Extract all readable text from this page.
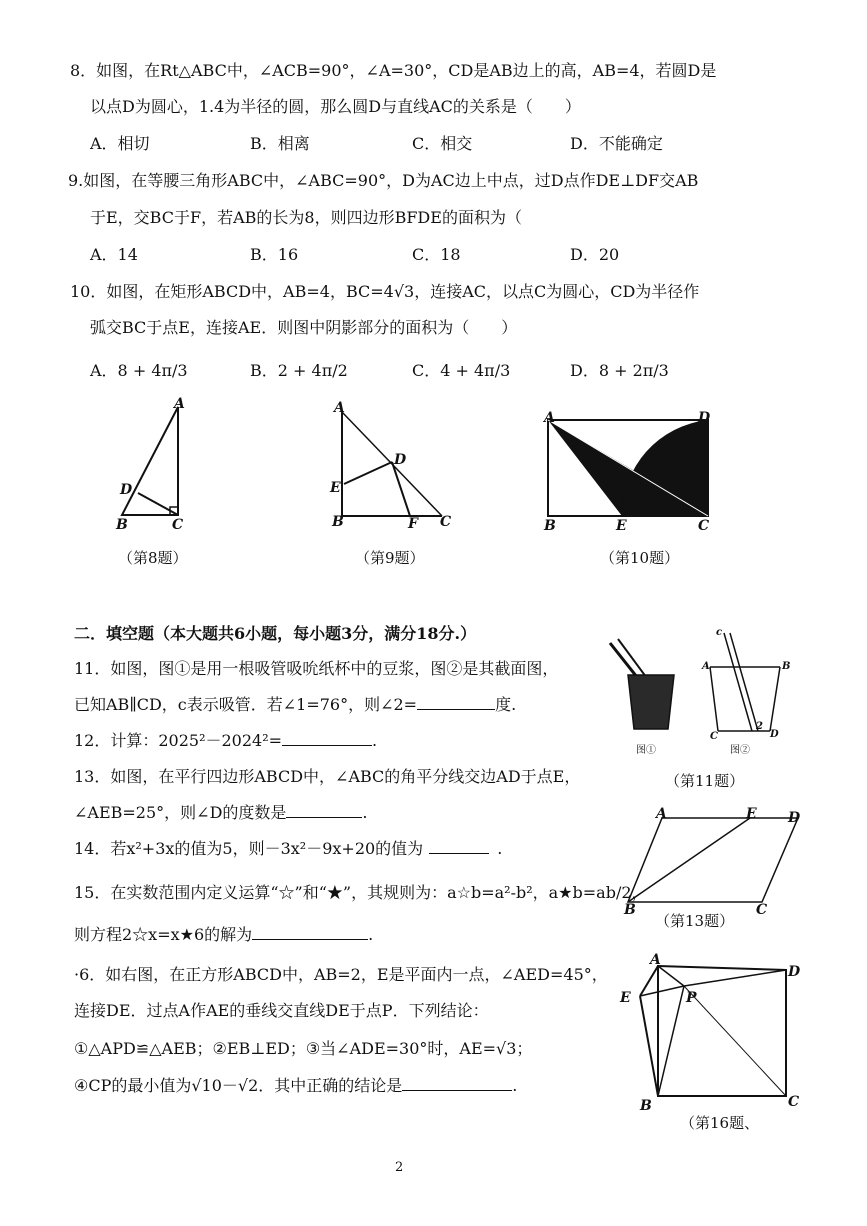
8．如图，在Rt△ABC中，∠ACB=90°，∠A=30°，CD是AB边上的高，AB=4，若圆D是
以点D为圆心，1.4为半径的圆，那么圆D与直线AC的关系是（　　）
A．相切	B．相离	C．相交	D．不能确定
9.如图，在等腰三角形ABC中，∠ABC=90°，D为AC边上中点，过D点作DE⊥DF交AB
于E，交BC于F，若AB的长为8，则四边形BFDE的面积为（
A．14	B．16	C．18	D．20
10．如图，在矩形ABCD中，AB=4，BC=4√3，连接AC，以点C为圆心，CD为半径作
弧交BC于点E，连接AE．则图中阴影部分的面积为（　　）
A．8 + 4π/3	B．2 + 4π/2	C．4 + 4π/3	D．8 + 2π/3
A
D
B	C
（第8题）
A
D
E
B	F C
（第9题）
A	D
B	E	C
（第10题）
二．填空题（本大题共6小题，每小题3分，满分18分.）
11．如图，图①是用一根吸管吸吮纸杯中的豆浆，图②是其截面图，
已知AB∥CD，c表示吸管．若∠1=76°，则∠2=	度.
12．计算：2025²－2024²=	.
13．如图，在平行四边形ABCD中，∠ABC的角平分线交边AD于点E，
∠AEB=25°，则∠D的度数是	.
14．若x²+3x的值为5，则－3x²－9x+20的值为	.
15．在实数范围内定义运算“☆”和“★”，其规则为：a☆b=a²-b²，a★b=ab/2，
则方程2☆x=x★6的解为	.
·6．如右图，在正方形ABCD中，AB=2，E是平面内一点，∠AED=45°，
连接DE．过点A作AE的垂线交直线DE于点P．下列结论：
①△APD≌△AEB；②EB⊥ED；③当∠ADE=30°时，AE=√3；
④CP的最小值为√10－√2．其中正确的结论是	.
图①
c
A	B
C	D
2
图②
（第11题）
A	E D
B	C
（第13题）
A
D
E	P
B	C
（第16题、
2
